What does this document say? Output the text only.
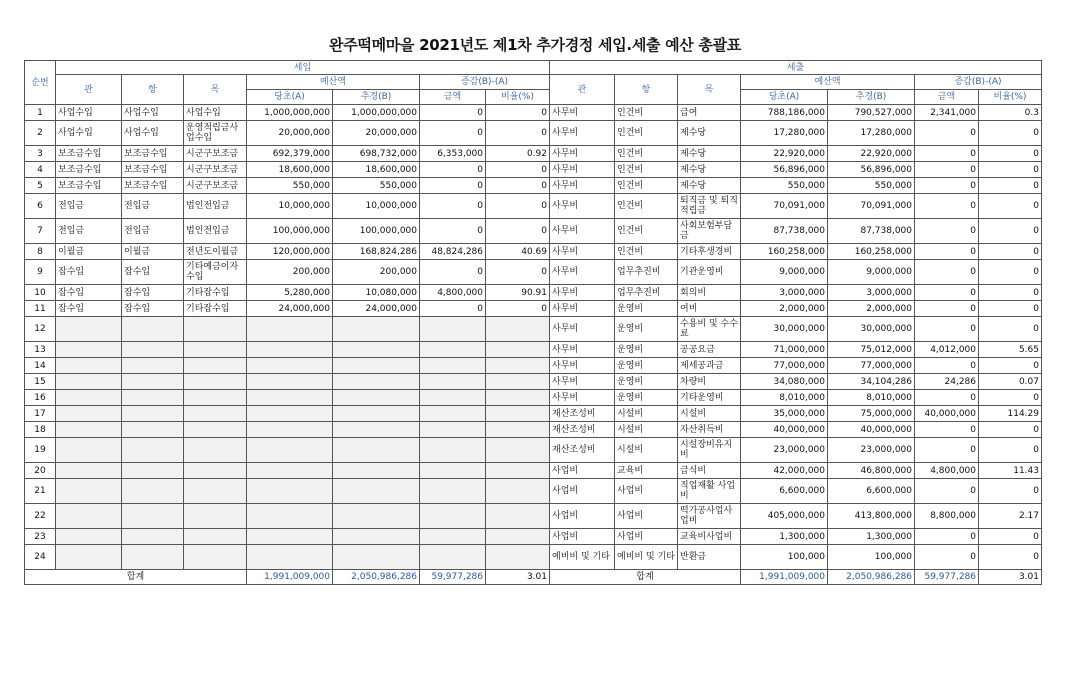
완주떡메마을 2021년도 제1차 추가경정 세입.세출 예산 총괄표
순번	세입							세출						
	관	항	목	예산액		증감(B)-(A)		관	항	목	예산액		증감(B)-(A)	
				당초(A)	추경(B)	금액	비율(%)				당초(A)	추경(B)	금액	비율(%)
1	사업수입	사업수입	사업수입	1,000,000,000	1,000,000,000	0	0	사무비	인건비	급여	788,186,000	790,527,000	2,341,000	0.3
2	사업수입	사업수입	운영적립금사업수입	20,000,000	20,000,000	0	0	사무비	인건비	제수당	17,280,000	17,280,000	0	0
3	보조금수입	보조금수입	시군구보조금	692,379,000	698,732,000	6,353,000	0.92	사무비	인건비	제수당	22,920,000	22,920,000	0	0
4	보조금수입	보조금수입	시군구보조금	18,600,000	18,600,000	0	0	사무비	인건비	제수당	56,896,000	56,896,000	0	0
5	보조금수입	보조금수입	시군구보조금	550,000	550,000	0	0	사무비	인건비	제수당	550,000	550,000	0	0
6	전입금	전입금	법인전입금	10,000,000	10,000,000	0	0	사무비	인건비	퇴직금 및 퇴직적립금	70,091,000	70,091,000	0	0
7	전입금	전입금	법인전입금	100,000,000	100,000,000	0	0	사무비	인건비	사회보험부담금	87,738,000	87,738,000	0	0
8	이월금	이월금	전년도이월금	120,000,000	168,824,286	48,824,286	40.69	사무비	인건비	기타후생경비	160,258,000	160,258,000	0	0
9	잡수입	잡수입	기타예금이자수입	200,000	200,000	0	0	사무비	업무추진비	기관운영비	9,000,000	9,000,000	0	0
10	잡수입	잡수입	기타잡수입	5,280,000	10,080,000	4,800,000	90.91	사무비	업무추진비	회의비	3,000,000	3,000,000	0	0
11	잡수입	잡수입	기타잡수입	24,000,000	24,000,000	0	0	사무비	운영비	여비	2,000,000	2,000,000	0	0
12								사무비	운영비	수용비 및 수수료	30,000,000	30,000,000	0	0
13								사무비	운영비	공공요금	71,000,000	75,012,000	4,012,000	5.65
14								사무비	운영비	제세공과금	77,000,000	77,000,000	0	0
15								사무비	운영비	차량비	34,080,000	34,104,286	24,286	0.07
16								사무비	운영비	기타운영비	8,010,000	8,010,000	0	0
17								재산조성비	시설비	시설비	35,000,000	75,000,000	40,000,000	114.29
18								재산조성비	시설비	자산취득비	40,000,000	40,000,000	0	0
19								재산조성비	시설비	시설장비유지비	23,000,000	23,000,000	0	0
20								사업비	교육비	급식비	42,000,000	46,800,000	4,800,000	11.43
21								사업비	사업비	직업재활 사업비	6,600,000	6,600,000	0	0
22								사업비	사업비	떡가공사업사업비	405,000,000	413,800,000	8,800,000	2.17
23								사업비	사업비	교육비사업비	1,300,000	1,300,000	0	0
24								예비비 및 기타	예비비 및 기타	반환금	100,000	100,000	0	0
합계				1,991,009,000	2,050,986,286	59,977,286	3.01	합계			1,991,009,000	2,050,986,286	59,977,286	3.01
